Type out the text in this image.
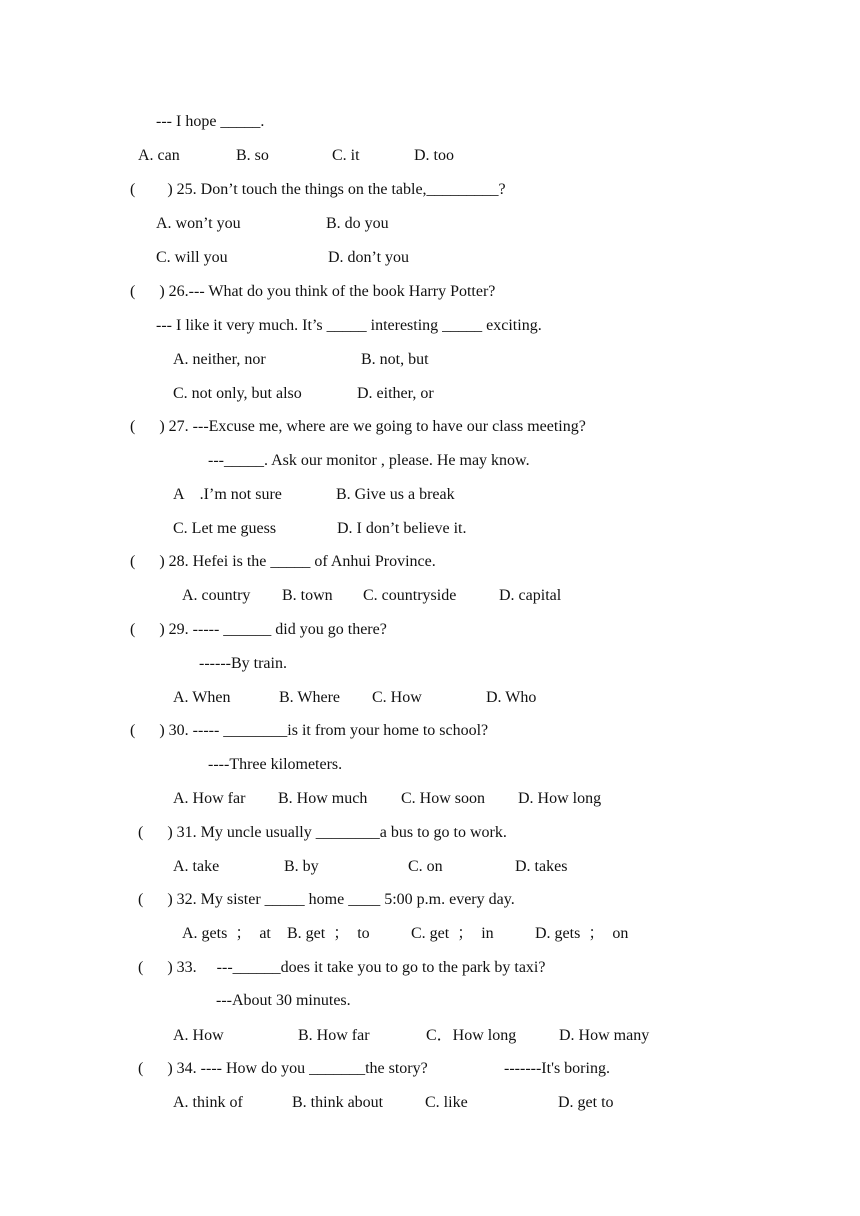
--- I hope _____.
A. can	B. so	C. it	D. too
(        ) 25. Don’t touch the things on the table,_________?
A. won’t you	B. do you
C. will you	D. don’t you
(      ) 26.--- What do you think of the book Harry Potter?
--- I like it very much. It’s _____ interesting _____ exciting.
A. neither, nor	B. not, but
C. not only, but also	D. either, or
(      ) 27. ---Excuse me, where are we going to have our class meeting?
---_____. Ask our monitor , please. He may know.
A    .I’m not sure	B. Give us a break
C. Let me guess	D. I don’t believe it.
(      ) 28. Hefei is the _____ of Anhui Province.
A. country B. town C. countryside	D. capital
(      ) 29. ----- ______ did you go there?
------By train.
A. When	B. Where C. How	D. Who
(      ) 30. ----- ________is it from your home to school?
----Three kilometers.
A. How far B. How much C. How soon D. How long
(      ) 31. My uncle usually ________a bus to go to work.
A. take	B. by	C. on	D. takes
(      ) 32. My sister _____ home ____ 5:00 p.m. every day.
A. gets  ；  at B. get  ；  to	C. get  ；  in	D. gets  ；  on
(      ) 33.     ---______does it take you to go to the park by taxi?
---About 30 minutes.
A. How	B. How far	C．How long	D. How many
(      ) 34. ---- How do you _______the story?	-------It's boring.
A. think of	B. think about	C. like	D. get to
